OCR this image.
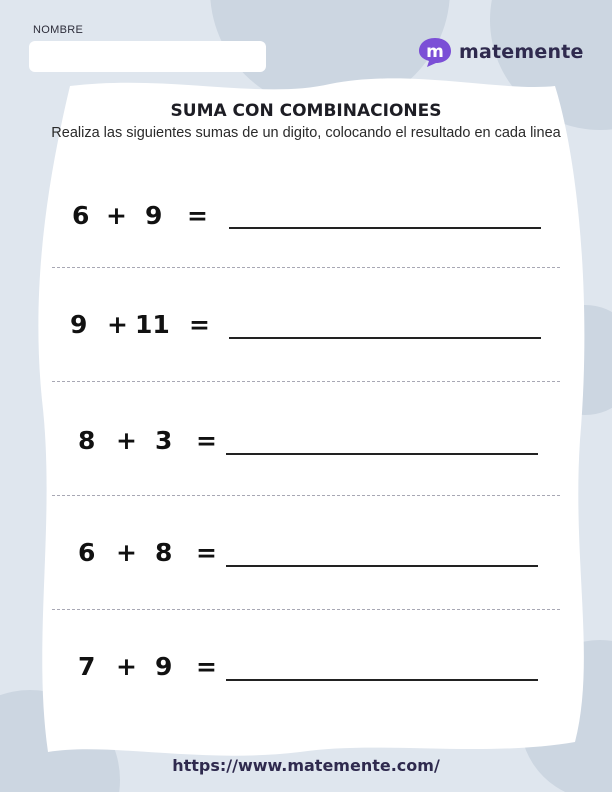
NOMBRE
m matemente
SUMA CON COMBINACIONES
Realiza las siguientes sumas de un digito, colocando el resultado en cada linea
6 + 9 =
9 + 11 =
8 + 3 =
6 + 8 =
7 + 9 =
https://www.matemente.com/
